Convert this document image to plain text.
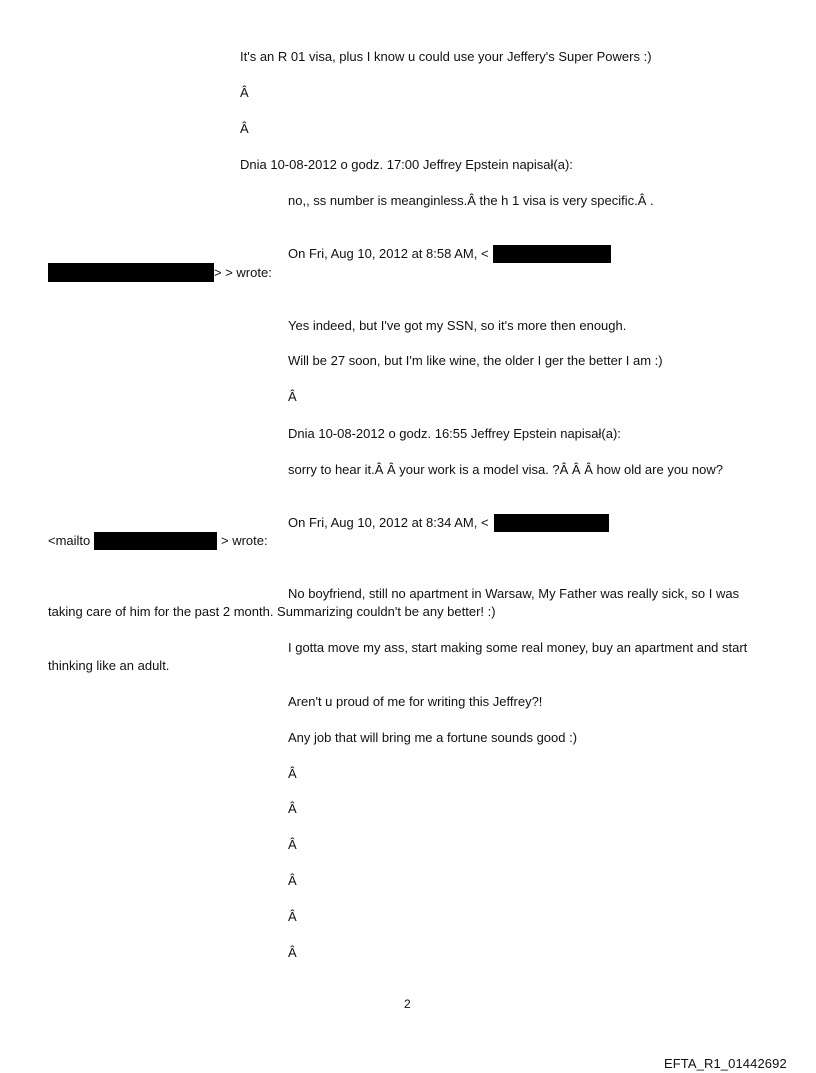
It's an R 01 visa, plus I know u could use your Jeffery's Super Powers :)
Â
Â
Dnia 10-08-2012 o godz. 17:00 Jeffrey Epstein napisał(a):
no,, ss number is meanginless.Â the h 1 visa is very specific.Â .
On Fri, Aug 10, 2012 at 8:58 AM, <
> > wrote:
Yes indeed, but I've got my SSN, so it's more then enough.
Will be 27 soon, but I'm like wine, the older I ger the better I am :)
Â
Dnia 10-08-2012 o godz. 16:55 Jeffrey Epstein napisał(a):
sorry to hear it.Â Â your work is a model visa. ?Â Â Â how old are you now?
On Fri, Aug 10, 2012 at 8:34 AM, <
<mailto	> wrote:
No boyfriend, still no apartment in Warsaw, My Father was really sick, so I was
taking care of him for the past 2 month. Summarizing couldn't be any better! :)
I gotta move my ass, start making some real money, buy an apartment and start
thinking like an adult.
Aren't u proud of me for writing this Jeffrey?!
Any job that will bring me a fortune sounds good :)
Â
Â
Â
Â
Â
Â
2
EFTA_R1_01442692
